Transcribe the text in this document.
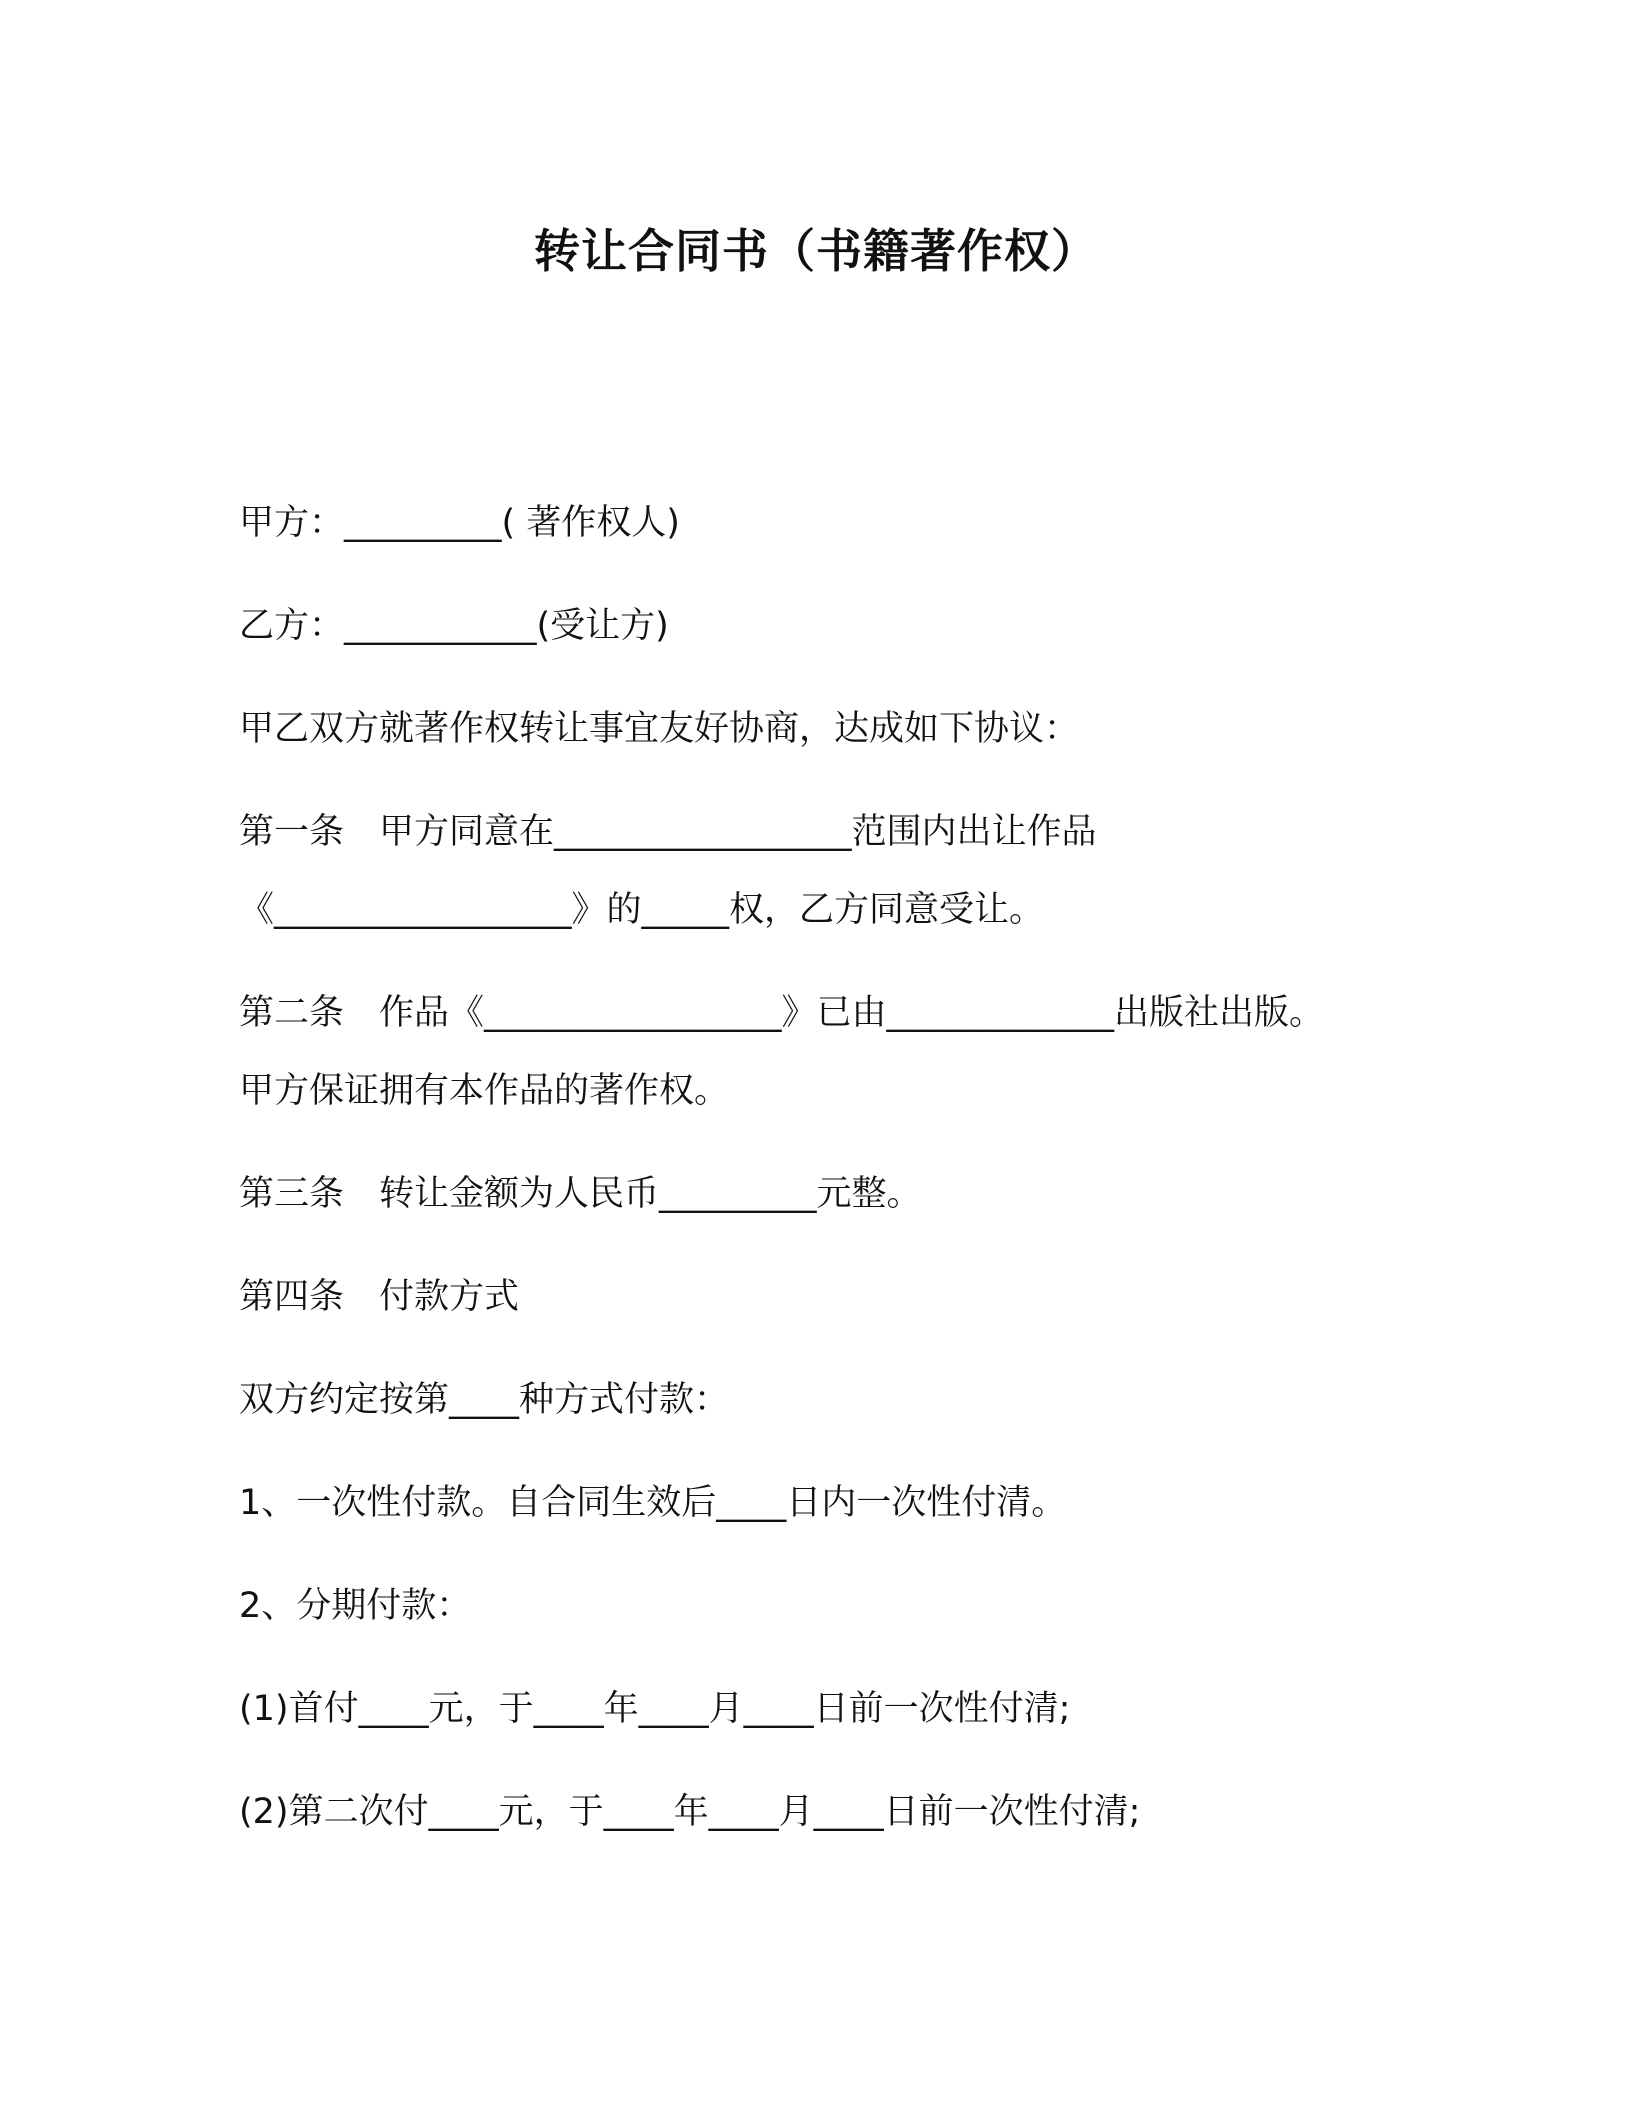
转让合同书（书籍著作权）
甲方：_________( 著作权人)
乙方：___________(受让方)
甲乙双方就著作权转让事宜友好协商，达成如下协议：
第一条　甲方同意在_________________范围内出让作品
《_________________》的_____权，乙方同意受让。
第二条　作品《_________________》已由_____________出版社出版。
甲方保证拥有本作品的著作权。
第三条　转让金额为人民币_________元整。
第四条　付款方式
双方约定按第____种方式付款：
1、一次性付款。自合同生效后____日内一次性付清。
2、分期付款：
(1)首付____元，于____年____月____日前一次性付清;
(2)第二次付____元，于____年____月____日前一次性付清;
